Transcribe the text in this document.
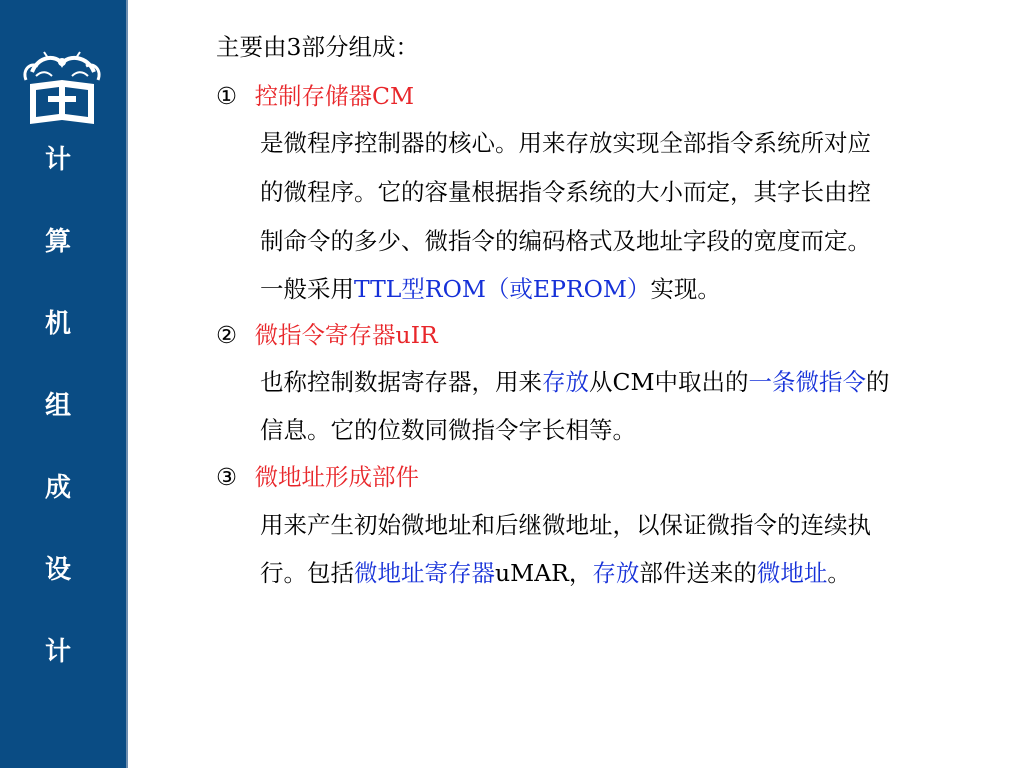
计
算
机
组
成
设
计
主要由3部分组成：
① 控制存储器CM
是微程序控制器的核心。用来存放实现全部指令系统所对应
的微程序。它的容量根据指令系统的大小而定，其字长由控
制命令的多少、微指令的编码格式及地址字段的宽度而定。
一般采用TTL型ROM（或EPROM）实现。
② 微指令寄存器uIR
也称控制数据寄存器，用来存放从CM中取出的一条微指令的
信息。它的位数同微指令字长相等。
③ 微地址形成部件
用来产生初始微地址和后继微地址，以保证微指令的连续执
行。包括微地址寄存器uMAR，存放部件送来的微地址。
